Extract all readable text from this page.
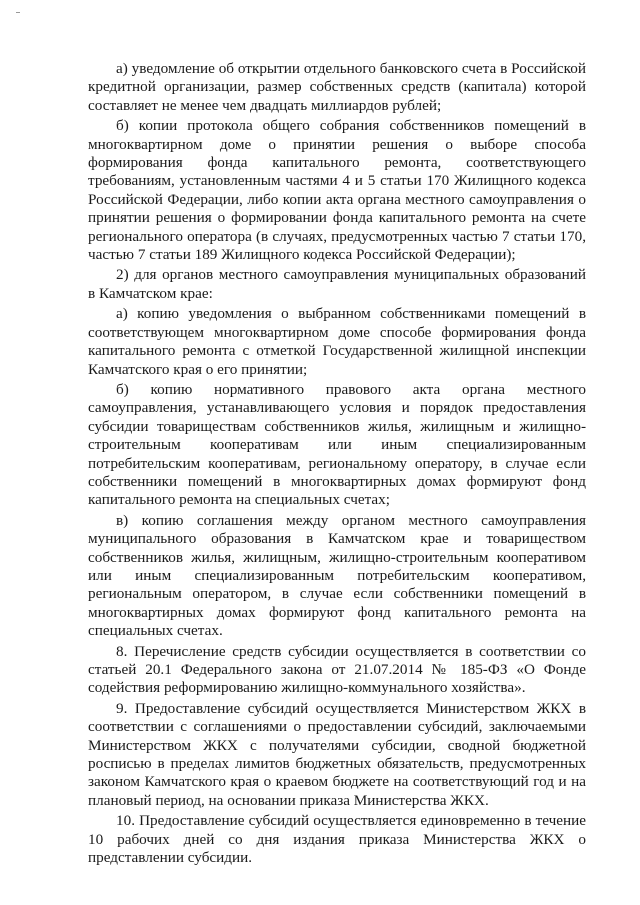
а) уведомление об открытии отдельного банковского счета в Российской кредитной организации, размер собственных средств (капитала) которой составляет не менее чем двадцать миллиардов рублей;

б) копии протокола общего собрания собственников помещений в многоквартирном доме о принятии решения о выборе способа формирования фонда капитального ремонта, соответствующего требованиям, установленным частями 4 и 5 статьи 170 Жилищного кодекса Российской Федерации, либо копии акта органа местного самоуправления о принятии решения о формировании фонда капитального ремонта на счете регионального оператора (в случаях, предусмотренных частью 7 статьи 170, частью 7 статьи 189 Жилищного кодекса Российской Федерации);

2) для органов местного самоуправления муниципальных образований в Камчатском крае:

а) копию уведомления о выбранном собственниками помещений в соответствующем многоквартирном доме способе формирования фонда капитального ремонта с отметкой Государственной жилищной инспекции Камчатского края о его принятии;

б) копию нормативного правового акта органа местного самоуправления, устанавливающего условия и порядок предоставления субсидии товариществам собственников жилья, жилищным и жилищно-строительным кооперативам или иным специализированным потребительским кооперативам, региональному оператору, в случае если собственники помещений в многоквартирных домах формируют фонд капитального ремонта на специальных счетах;

в) копию соглашения между органом местного самоуправления муниципального образования в Камчатском крае и товариществом собственников жилья, жилищным, жилищно-строительным кооперативом или иным специализированным потребительским кооперативом, региональным оператором, в случае если собственники помещений в многоквартирных домах формируют фонд капитального ремонта на специальных счетах.

8. Перечисление средств субсидии осуществляется в соответствии со статьей 20.1 Федерального закона от 21.07.2014 № 185-ФЗ «О Фонде содействия реформированию жилищно-коммунального хозяйства».

9. Предоставление субсидий осуществляется Министерством ЖКХ в соответствии с соглашениями о предоставлении субсидий, заключаемыми Министерством ЖКХ с получателями субсидии, сводной бюджетной росписью в пределах лимитов бюджетных обязательств, предусмотренных законом Камчатского края о краевом бюджете на соответствующий год и на плановый период, на основании приказа Министерства ЖКХ.

10. Предоставление субсидий осуществляется единовременно в течение 10 рабочих дней со дня издания приказа Министерства ЖКХ о представлении субсидии.
